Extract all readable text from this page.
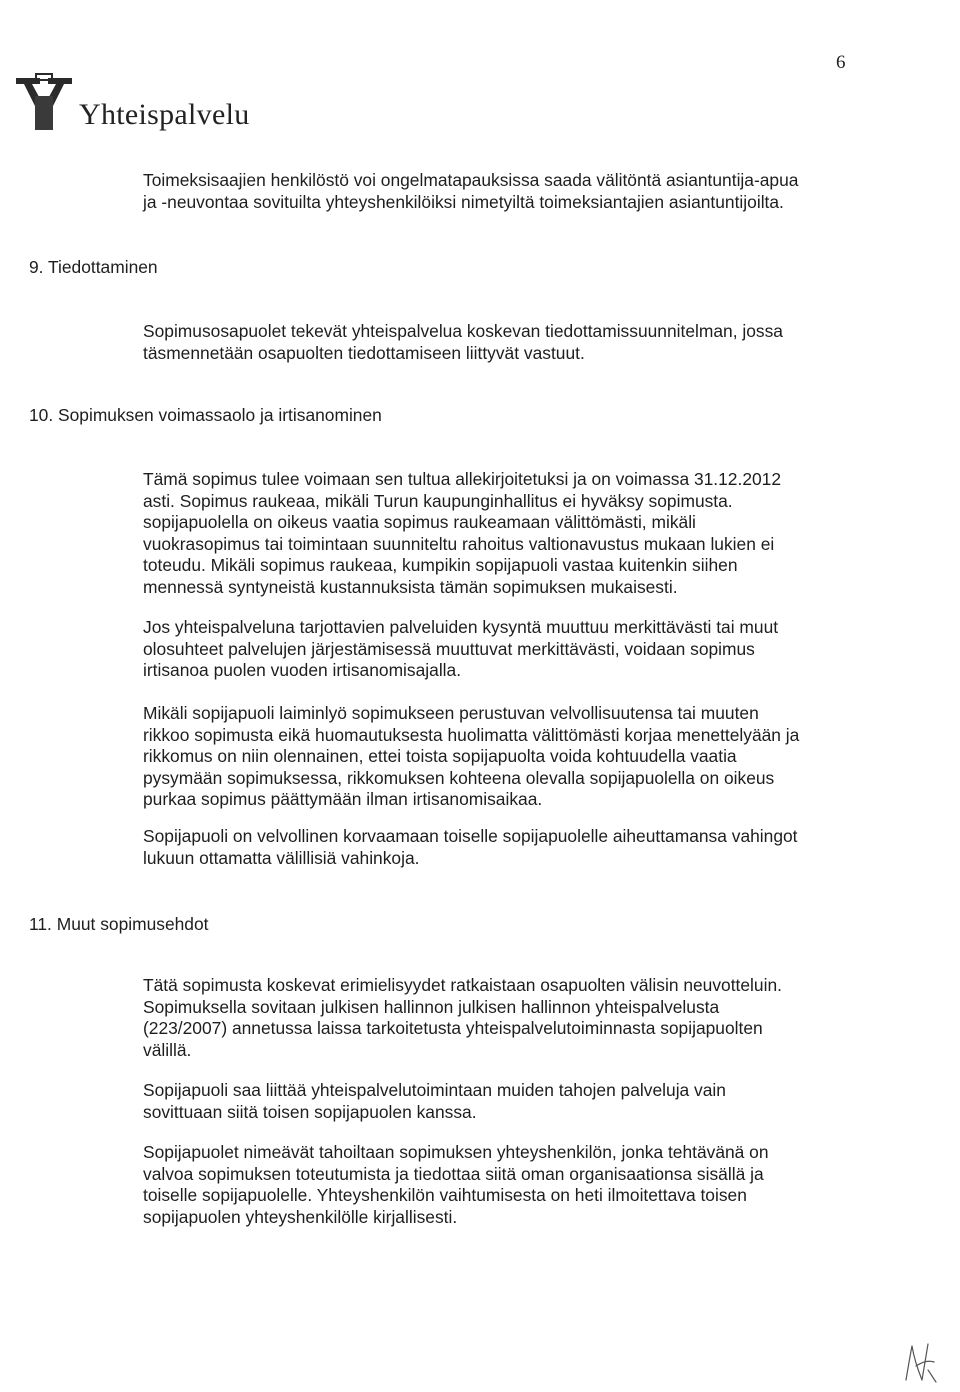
6
Yhteispalvelu
Toimeksisaajien henkilöstö voi ongelmatapauksissa saada välitöntä asiantuntija-apua
ja -neuvontaa sovituilta yhteyshenkilöiksi nimetyiltä toimeksiantajien asiantuntijoilta.
9. Tiedottaminen
Sopimusosapuolet tekevät yhteispalvelua koskevan tiedottamissuunnitelman, jossa
täsmennetään osapuolten tiedottamiseen liittyvät vastuut.
10. Sopimuksen voimassaolo ja irtisanominen
Tämä sopimus tulee voimaan sen tultua allekirjoitetuksi ja on voimassa 31.12.2012
asti. Sopimus raukeaa, mikäli Turun kaupunginhallitus ei hyväksy sopimusta.
sopijapuolella on oikeus vaatia sopimus raukeamaan välittömästi, mikäli
vuokrasopimus tai toimintaan suunniteltu rahoitus valtionavustus mukaan lukien ei
toteudu. Mikäli sopimus raukeaa, kumpikin sopijapuoli vastaa kuitenkin siihen
mennessä syntyneistä kustannuksista tämän sopimuksen mukaisesti.
Jos yhteispalveluna tarjottavien palveluiden kysyntä muuttuu merkittävästi tai muut
olosuhteet palvelujen järjestämisessä muuttuvat merkittävästi, voidaan sopimus
irtisanoa puolen vuoden irtisanomisajalla.
Mikäli sopijapuoli laiminlyö sopimukseen perustuvan velvollisuutensa tai muuten
rikkoo sopimusta eikä huomautuksesta huolimatta välittömästi korjaa menettelyään ja
rikkomus on niin olennainen, ettei toista sopijapuolta voida kohtuudella vaatia
pysymään sopimuksessa, rikkomuksen kohteena olevalla sopijapuolella on oikeus
purkaa sopimus päättymään ilman irtisanomisaikaa.
Sopijapuoli on velvollinen korvaamaan toiselle sopijapuolelle aiheuttamansa vahingot
lukuun ottamatta välillisiä vahinkoja.
11. Muut sopimusehdot
Tätä sopimusta koskevat erimielisyydet ratkaistaan osapuolten välisin neuvotteluin.
Sopimuksella sovitaan julkisen hallinnon julkisen hallinnon yhteispalvelusta
(223/2007) annetussa laissa tarkoitetusta yhteispalvelutoiminnasta sopijapuolten
välillä.
Sopijapuoli saa liittää yhteispalvelutoimintaan muiden tahojen palveluja vain
sovittuaan siitä toisen sopijapuolen kanssa.
Sopijapuolet nimeävät tahoiltaan sopimuksen yhteyshenkilön, jonka tehtävänä on
valvoa sopimuksen toteutumista ja tiedottaa siitä oman organisaationsa sisällä ja
toiselle sopijapuolelle. Yhteyshenkilön vaihtumisesta on heti ilmoitettava toisen
sopijapuolen yhteyshenkilölle kirjallisesti.
